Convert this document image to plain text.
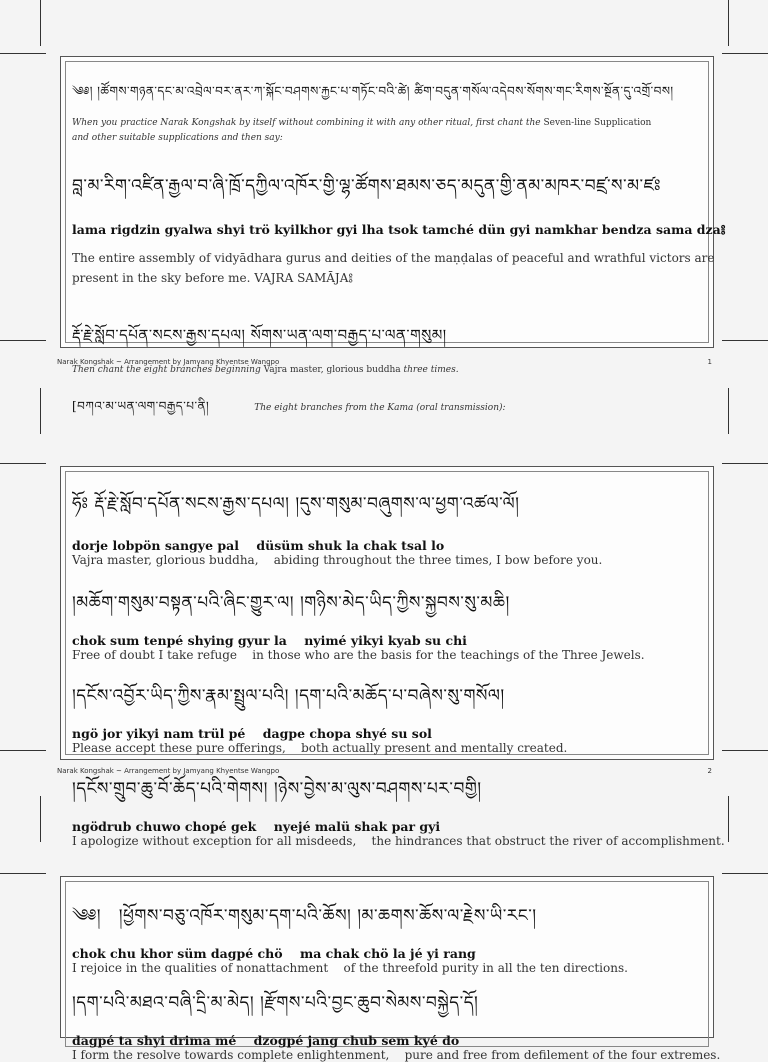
༄༅། །ཚོགས་གཉན་དང་མ་འབྲེལ་བར་ནར་ཀ་སྐོང་བཤགས་རྐྱང་པ་གཏོང་བའི་ཚེ། ཚིག་བདུན་གསོལ་འདེབས་སོགས་གང་རིགས་སྔོན་དུ་འགྲོ་བས།
When you practice Narak Kongshak by itself without combining it with any other ritual, first chant the Seven-line Supplication
and other suitable supplications and then say:
བླ་མ་རིག་འཛིན་རྒྱལ་བ་ཞི་ཁྲོ་དཀྱིལ་འཁོར་གྱི་ལྷ་ཚོགས་ཐམས་ཅད་མདུན་གྱི་ནམ་མཁར་བཛྲ་ས་མ་ཛཿ
lama rigdzin gyalwa shyi trö kyilkhor gyi lha tsok tamché dün gyi namkhar bendza sama dza༔
The entire assembly of vidyādhara gurus and deities of the maṇḍalas of peaceful and wrathful victors are
present in the sky before me. VAJRA SAMĀJA༔
རྡོ་རྗེ་སློབ་དཔོན་སངས་རྒྱས་དཔལ། སོགས་ཡན་ལག་བརྒྱད་པ་ལན་གསུམ།
Then chant the eight branches beginning Vajra master, glorious buddha three times.
[བཀའ་མ་ཡན་ལག་བརྒྱད་པ་ནི།	The eight branches from the Kama (oral transmission):
Narak Kongshak ~ Arrangement by Jamyang Khyentse Wangpo	1
ཧོཿ རྡོ་རྗེ་སློབ་དཔོན་སངས་རྒྱས་དཔལ། །དུས་གསུམ་བཞུགས་ལ་ཕྱག་འཚལ་ལོ།
dorje lobpön sangye pal    düsüm shuk la chak tsal lo
Vajra master, glorious buddha,    abiding throughout the three times, I bow before you.
།མཆོག་གསུམ་བསྟན་པའི་ཞིང་གྱུར་ལ། །གཉིས་མེད་ཡིད་ཀྱིས་སྐྱབས་སུ་མཆི།
chok sum tenpé shying gyur la    nyimé yikyi kyab su chi
Free of doubt I take refuge    in those who are the basis for the teachings of the Three Jewels.
།དངོས་འབྱོར་ཡིད་ཀྱིས་རྣམ་སྤྲུལ་པའི། །དག་པའི་མཆོད་པ་བཞེས་སུ་གསོལ།
ngö jor yikyi nam trül pé    dagpe chopa shyé su sol
Please accept these pure offerings,    both actually present and mentally created.
།དངོས་གྲུབ་ཆུ་བོ་ཆོད་པའི་གེགས། །ཉེས་བྱེས་མ་ལུས་བཤགས་པར་བགྱི།
ngödrub chuwo chopé gek    nyejé malü shak par gyi
I apologize without exception for all misdeeds,    the hindrances that obstruct the river of accomplishment.
Narak Kongshak ~ Arrangement by Jamyang Khyentse Wangpo	2
༄༅།   །ཕྱོགས་བཅུ་འཁོར་གསུམ་དག་པའི་ཆོས། །མ་ཆགས་ཆོས་ལ་རྗེས་ཡི་རང་།
chok chu khor süm dagpé chö    ma chak chö la jé yi rang
I rejoice in the qualities of nonattachment    of the threefold purity in all the ten directions.
།དག་པའི་མཐའ་བཞི་དྲི་མ་མེད། །རྫོགས་པའི་བྱང་ཆུབ་སེམས་བསྐྱེད་དོ།
dagpé ta shyi drima mé    dzogpé jang chub sem kyé do
I form the resolve towards complete enlightenment,    pure and free from defilement of the four extremes.
